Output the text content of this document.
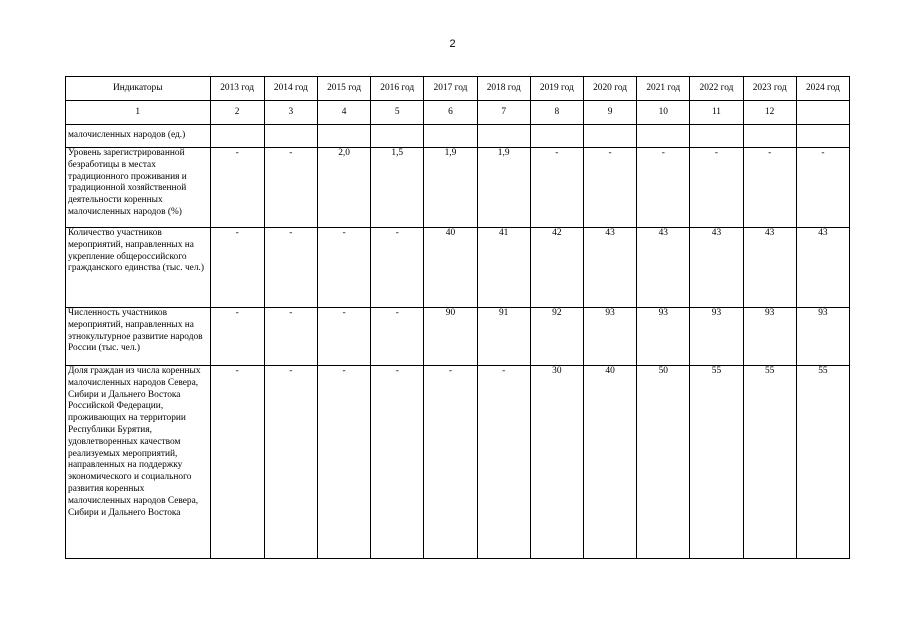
2
Индикаторы	2013 год	2014 год	2015 год	2016 год	2017 год	2018 год	2019 год	2020 год	2021 год	2022 год	2023 год	2024 год
1	2	3	4	5	6	7	8	9	10	11	12	
малочисленных народов (ед.)												
Уровень зарегистрированной безработицы в местах традиционного проживания и традиционной хозяйственной деятельности коренных малочисленных народов (%)	-	-	2,0	1,5	1,9	1,9	-	-	-	-	-	-
Количество участников мероприятий, направленных на укрепление общероссийского гражданского единства (тыс. чел.)	-	-	-	-	40	41	42	43	43	43	43	43
Численность участников мероприятий, направленных на этнокультурное развитие народов России (тыс. чел.)	-	-	-	-	90	91	92	93	93	93	93	93
Доля граждан из числа коренных малочисленных народов Севера, Сибири и Дальнего Востока Российской Федерации, проживающих на территории Республики Бурятия, удовлетворенных качеством реализуемых мероприятий, направленных на поддержку экономического и социального развития коренных малочисленных народов Севера, Сибири и Дальнего Востока	-	-	-	-	-	-	30	40	50	55	55	55
